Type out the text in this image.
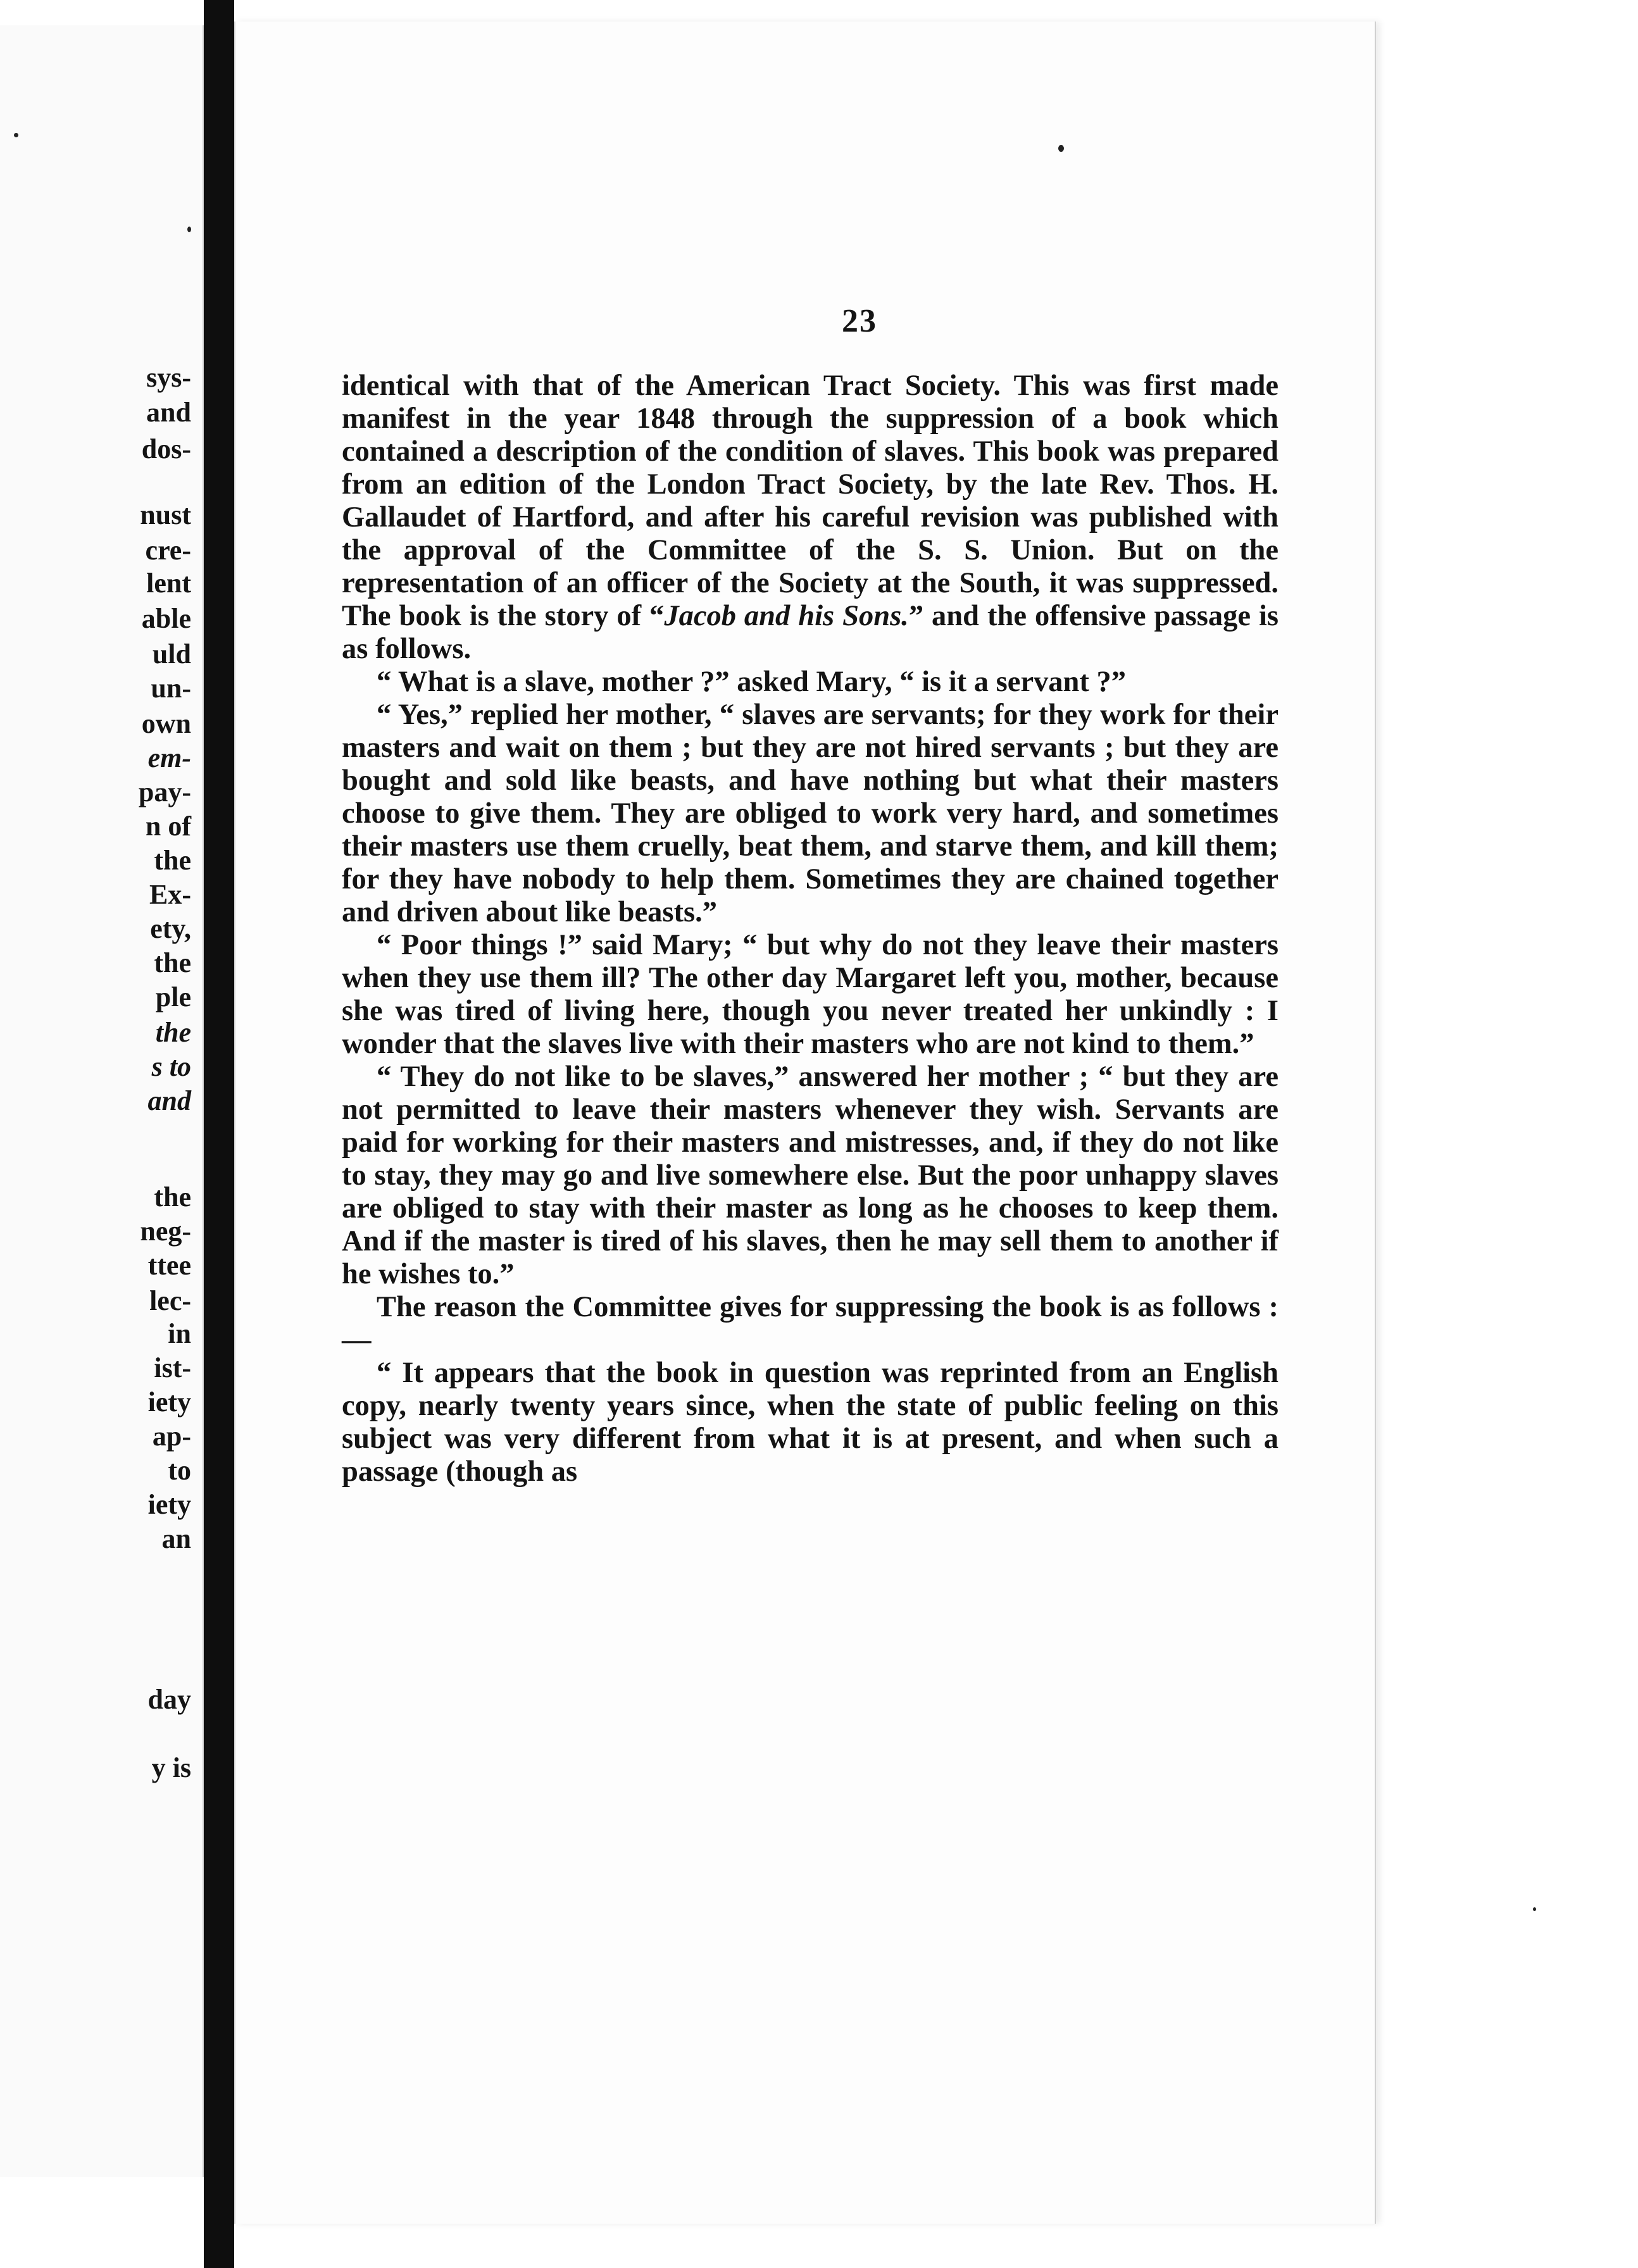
sys-
and
dos-
nust
cre-
lent
able
uld
un-
own
em-
pay-
n of
the
Ex-
ety,
the
ple
the
s to
and
the
neg-
ttee
lec-
in
ist-
iety
ap-
to
iety
an
day
y is
23

identical with that of the American Tract Society. This was first made manifest in the year 1848 through the suppression of a book which contained a description of the condition of slaves. This book was prepared from an edition of the London Tract Society, by the late Rev. Thos. H. Gallaudet of Hartford, and after his careful revision was published with the approval of the Committee of the S. S. Union. But on the representation of an officer of the Society at the South, it was suppressed. The book is the story of “Jacob and his Sons.” and the offensive passage is as follows.

“ What is a slave, mother ?” asked Mary, “ is it a servant ?”

“ Yes,” replied her mother, “ slaves are servants; for they work for their masters and wait on them ; but they are not hired servants ; but they are bought and sold like beasts, and have nothing but what their masters choose to give them. They are obliged to work very hard, and sometimes their masters use them cruelly, beat them, and starve them, and kill them; for they have nobody to help them. Sometimes they are chained together and driven about like beasts.”

“ Poor things !” said Mary; “ but why do not they leave their masters when they use them ill? The other day Margaret left you, mother, because she was tired of living here, though you never treated her unkindly : I wonder that the slaves live with their masters who are not kind to them.”

“ They do not like to be slaves,” answered her mother ; “ but they are not permitted to leave their masters whenever they wish. Servants are paid for working for their masters and mistresses, and, if they do not like to stay, they may go and live somewhere else. But the poor unhappy slaves are obliged to stay with their master as long as he chooses to keep them. And if the master is tired of his slaves, then he may sell them to another if he wishes to.”

The reason the Committee gives for suppressing the book is as follows :—

“ It appears that the book in question was reprinted from an English copy, nearly twenty years since, when the state of public feeling on this subject was very different from what it is at present, and when such a passage (though as
